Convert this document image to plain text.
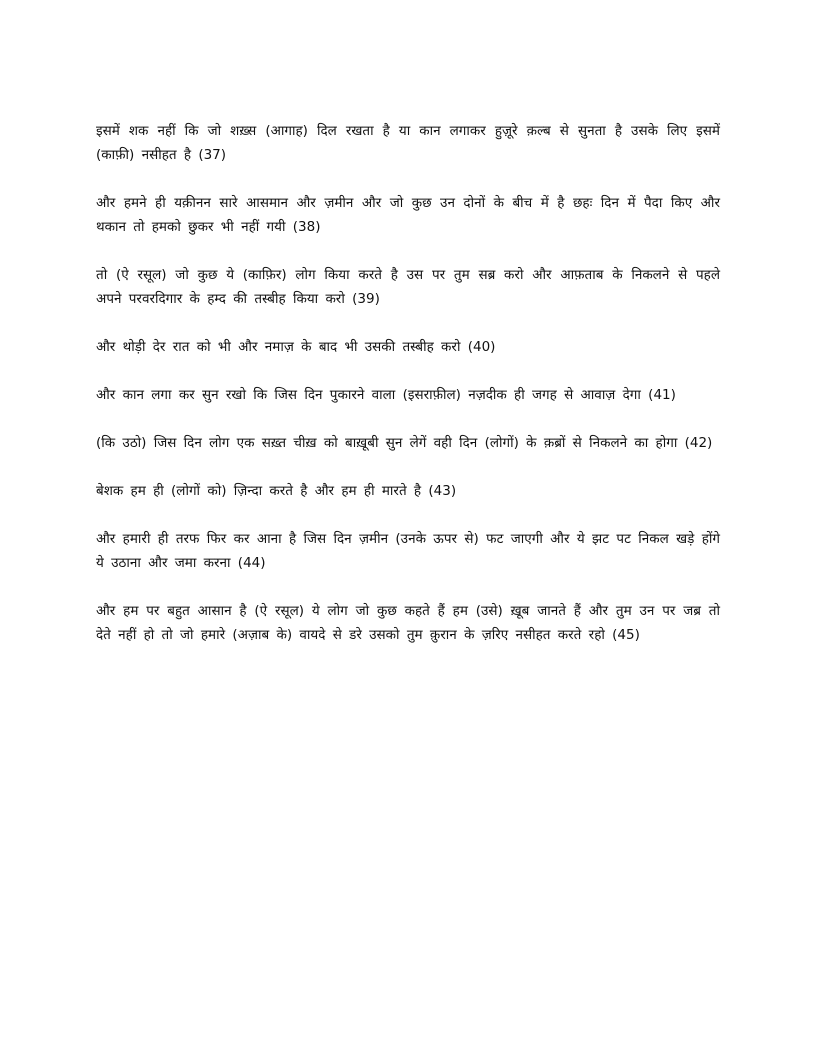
इसमें शक नहीं कि जो शख़्स (आगाह) दिल रखता है या कान लगाकर हुज़ूरे क़ल्ब से सुनता है उसके लिए इसमें (काफ़ी) नसीहत है (37)

और हमने ही यक़ीनन सारे आसमान और ज़मीन और जो कुछ उन दोनों के बीच में है छहः दिन में पैदा किए और थकान तो हमको छुकर भी नहीं गयी (38)

तो (ऐ रसूल) जो कुछ ये (काफ़िर) लोग किया करते है उस पर तुम सब्र करो और आफ़ताब के निकलने से पहले अपने परवरदिगार के हम्द की तस्बीह किया करो (39)

और थोड़ी देर रात को भी और नमाज़ के बाद भी उसकी तस्बीह करो (40)

और कान लगा कर सुन रखो कि जिस दिन पुकारने वाला (इसराफ़ील) नज़दीक ही जगह से आवाज़ देगा (41)

(कि उठो) जिस दिन लोग एक सख़्त चीख़ को बाख़ूबी सुन लेगें वही दिन (लोगों) के क़ब्रों से निकलने का होगा (42)

बेशक हम ही (लोगों को) ज़िन्दा करते है और हम ही मारते है (43)

और हमारी ही तरफ फिर कर आना है जिस दिन ज़मीन (उनके ऊपर से) फट जाएगी और ये झट पट निकल खड़े होंगे ये उठाना और जमा करना (44)

और हम पर बहुत आसान है (ऐ रसूल) ये लोग जो कुछ कहते हैं हम (उसे) ख़ूब जानते हैं और तुम उन पर जब्र तो देते नहीं हो तो जो हमारे (अज़ाब के) वायदे से डरे उसको तुम क़ुरान के ज़रिए नसीहत करते रहो (45)
